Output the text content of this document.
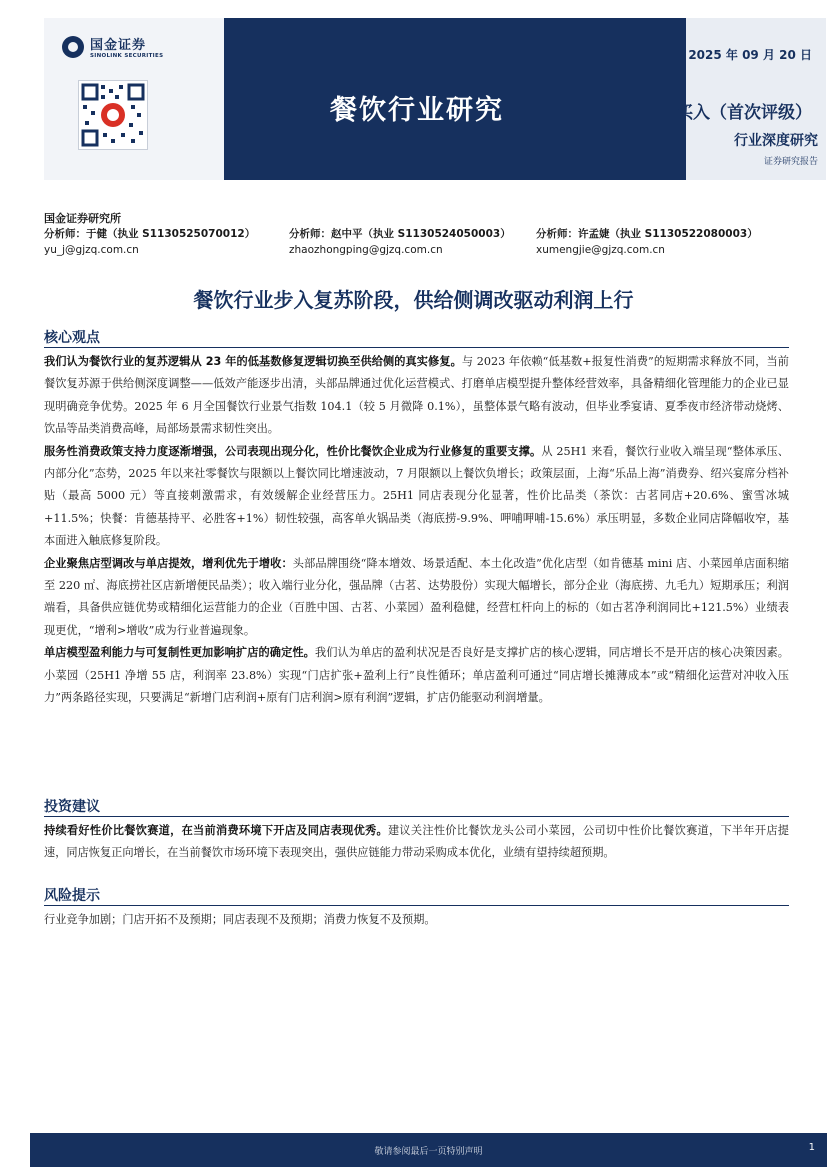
国金证券
SINOLINK SECURITIES	2025 年 09 月 20 日
餐饮行业研究	买入（首次评级）
行业深度研究
证券研究报告
国金证券研究所
分析师：于健（执业 S1130525070012）
yu_j@gjzq.com.cn
分析师：赵中平（执业 S1130524050003）
zhaozhongping@gjzq.com.cn
分析师：许孟婕（执业 S1130522080003）
xumengjie@gjzq.com.cn
餐饮行业步入复苏阶段，供给侧调改驱动利润上行
核心观点

我们认为餐饮行业的复苏逻辑从 23 年的低基数修复逻辑切换至供给侧的真实修复。与 2023 年依赖“低基数+报复性消费”的短期需求释放不同，当前餐饮复苏源于供给侧深度调整——低效产能逐步出清，头部品牌通过优化运营模式、打磨单店模型提升整体经营效率，具备精细化管理能力的企业已显现明确竞争优势。2025 年 6 月全国餐饮行业景气指数 104.1（较 5 月微降 0.1%），虽整体景气略有波动，但毕业季宴请、夏季夜市经济带动烧烤、饮品等品类消费高峰，局部场景需求韧性突出。

服务性消费政策支持力度逐渐增强，公司表现出现分化，性价比餐饮企业成为行业修复的重要支撑。从 25H1 来看，餐饮行业收入端呈现“整体承压、内部分化”态势，2025 年以来社零餐饮与限额以上餐饮同比增速波动，7 月限额以上餐饮负增长；政策层面，上海“乐品上海”消费券、绍兴宴席分档补贴（最高 5000 元）等直接刺激需求，有效缓解企业经营压力。25H1 同店表现分化显著，性价比品类（茶饮：古茗同店+20.6%、蜜雪冰城+11.5%；快餐：肯德基持平、必胜客+1%）韧性较强，高客单火锅品类（海底捞-9.9%、呷哺呷哺-15.6%）承压明显，多数企业同店降幅收窄，基本面进入触底修复阶段。

企业聚焦店型调改与单店提效，增利优先于增收：头部品牌围绕“降本增效、场景适配、本土化改造”优化店型（如肯德基 mini 店、小菜园单店面积缩至 220 ㎡、海底捞社区店新增便民品类）；收入端行业分化，强品牌（古茗、达势股份）实现大幅增长，部分企业（海底捞、九毛九）短期承压；利润端看，具备供应链优势或精细化运营能力的企业（百胜中国、古茗、小菜园）盈利稳健，经营杠杆向上的标的（如古茗净利润同比+121.5%）业绩表现更优，“增利>增收”成为行业普遍现象。

单店模型盈利能力与可复制性更加影响扩店的确定性。我们认为单店的盈利状况是否良好是支撑扩店的核心逻辑，同店增长不是开店的核心决策因素。小菜园（25H1 净增 55 店，利润率 23.8%）实现“门店扩张+盈利上行”良性循环；单店盈利可通过“同店增长摊薄成本”或“精细化运营对冲收入压力”两条路径实现，只要满足“新增门店利润+原有门店利润>原有利润”逻辑，扩店仍能驱动利润增量。

投资建议

持续看好性价比餐饮赛道，在当前消费环境下开店及同店表现优秀。建议关注性价比餐饮龙头公司小菜园，公司切中性价比餐饮赛道，下半年开店提速，同店恢复正向增长，在当前餐饮市场环境下表现突出，强供应链能力带动采购成本优化，业绩有望持续超预期。

风险提示

行业竞争加剧；门店开拓不及预期；同店表现不及预期；消费力恢复不及预期。

敬请参阅最后一页特别声明	1
